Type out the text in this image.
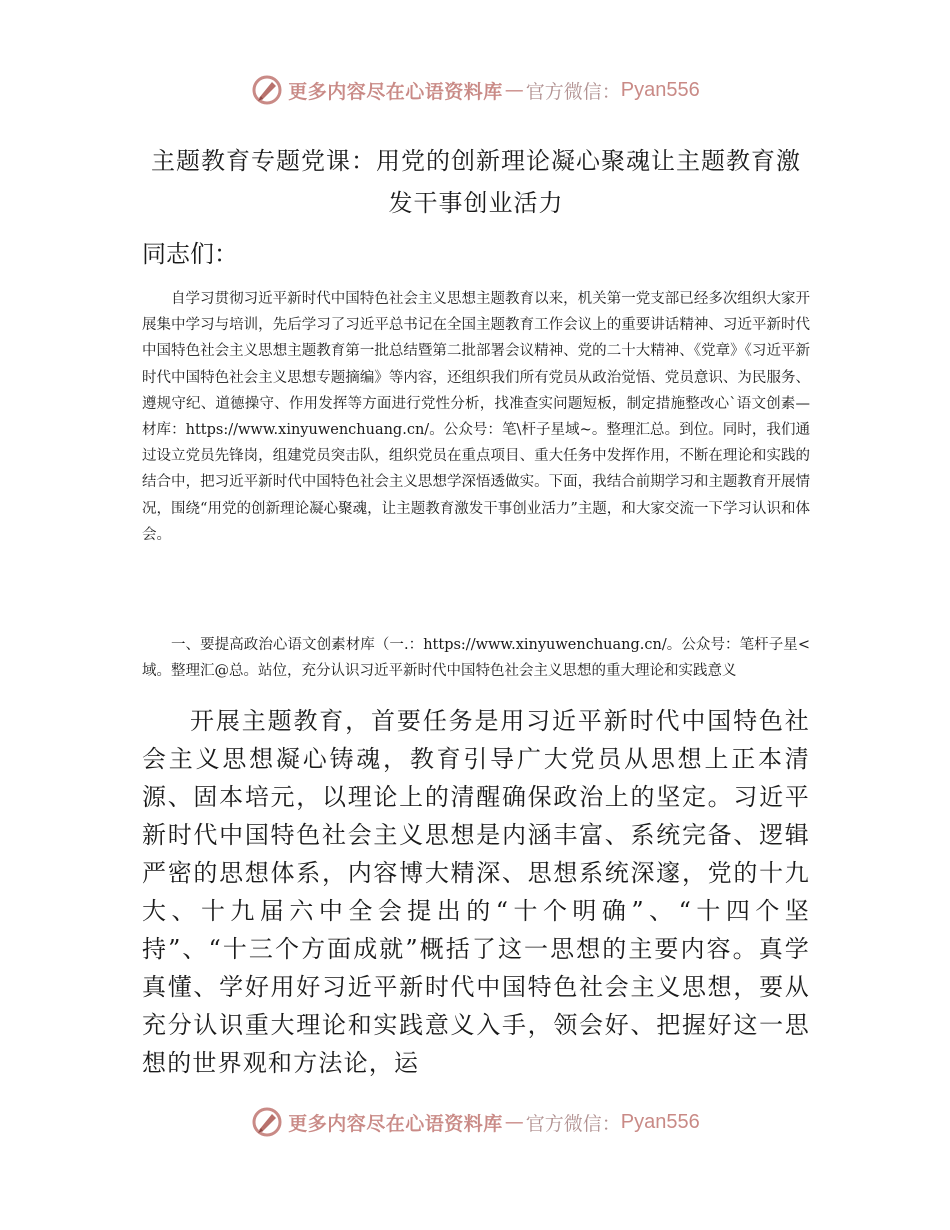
更多内容尽在心语资料库 — 官方微信： Pyan556
主题教育专题党课：用党的创新理论凝心聚魂让主题教育激发干事创业活力
同志们：

自学习贯彻习近平新时代中国特色社会主义思想主题教育以来，机关第一党支部已经多次组织大家开展集中学习与培训，先后学习了习近平总书记在全国主题教育工作会议上的重要讲话精神、习近平新时代中国特色社会主义思想主题教育第一批总结暨第二批部署会议精神、党的二十大精神、《党章》《习近平新时代中国特色社会主义思想专题摘编》等内容，还组织我们所有党员从政治觉悟、党员意识、为民服务、遵规守纪、道德操守、作用发挥等方面进行党性分析，找准查实问题短板，制定措施整改心`语文创素—材库：https://www.xinyuwenchuang.cn/。公众号：笔\杆子星域~。整理汇总。到位。同时，我们通过设立党员先锋岗，组建党员突击队，组织党员在重点项目、重大任务中发挥作用，不断在理论和实践的结合中，把习近平新时代中国特色社会主义思想学深悟透做实。下面，我结合前期学习和主题教育开展情况，围绕“用党的创新理论凝心聚魂，让主题教育激发干事创业活力”主题，和大家交流一下学习认识和体会。

一、要提高政治心语文创素材库（一.：https://www.xinyuwenchuang.cn/。公众号：笔杆子星<域。整理汇@总。站位，充分认识习近平新时代中国特色社会主义思想的重大理论和实践意义

开展主题教育，首要任务是用习近平新时代中国特色社会主义思想凝心铸魂，教育引导广大党员从思想上正本清源、固本培元，以理论上的清醒确保政治上的坚定。习近平新时代中国特色社会主义思想是内涵丰富、系统完备、逻辑严密的思想体系，内容博大精深、思想系统深邃，党的十九大、十九届六中全会提出的“十个明确”、“十四个坚持”、“十三个方面成就”概括了这一思想的主要内容。真学真懂、学好用好习近平新时代中国特色社会主义思想，要从充分认识重大理论和实践意义入手，领会好、把握好这一思想的世界观和方法论，运

更多内容尽在心语资料库 — 官方微信： Pyan556
